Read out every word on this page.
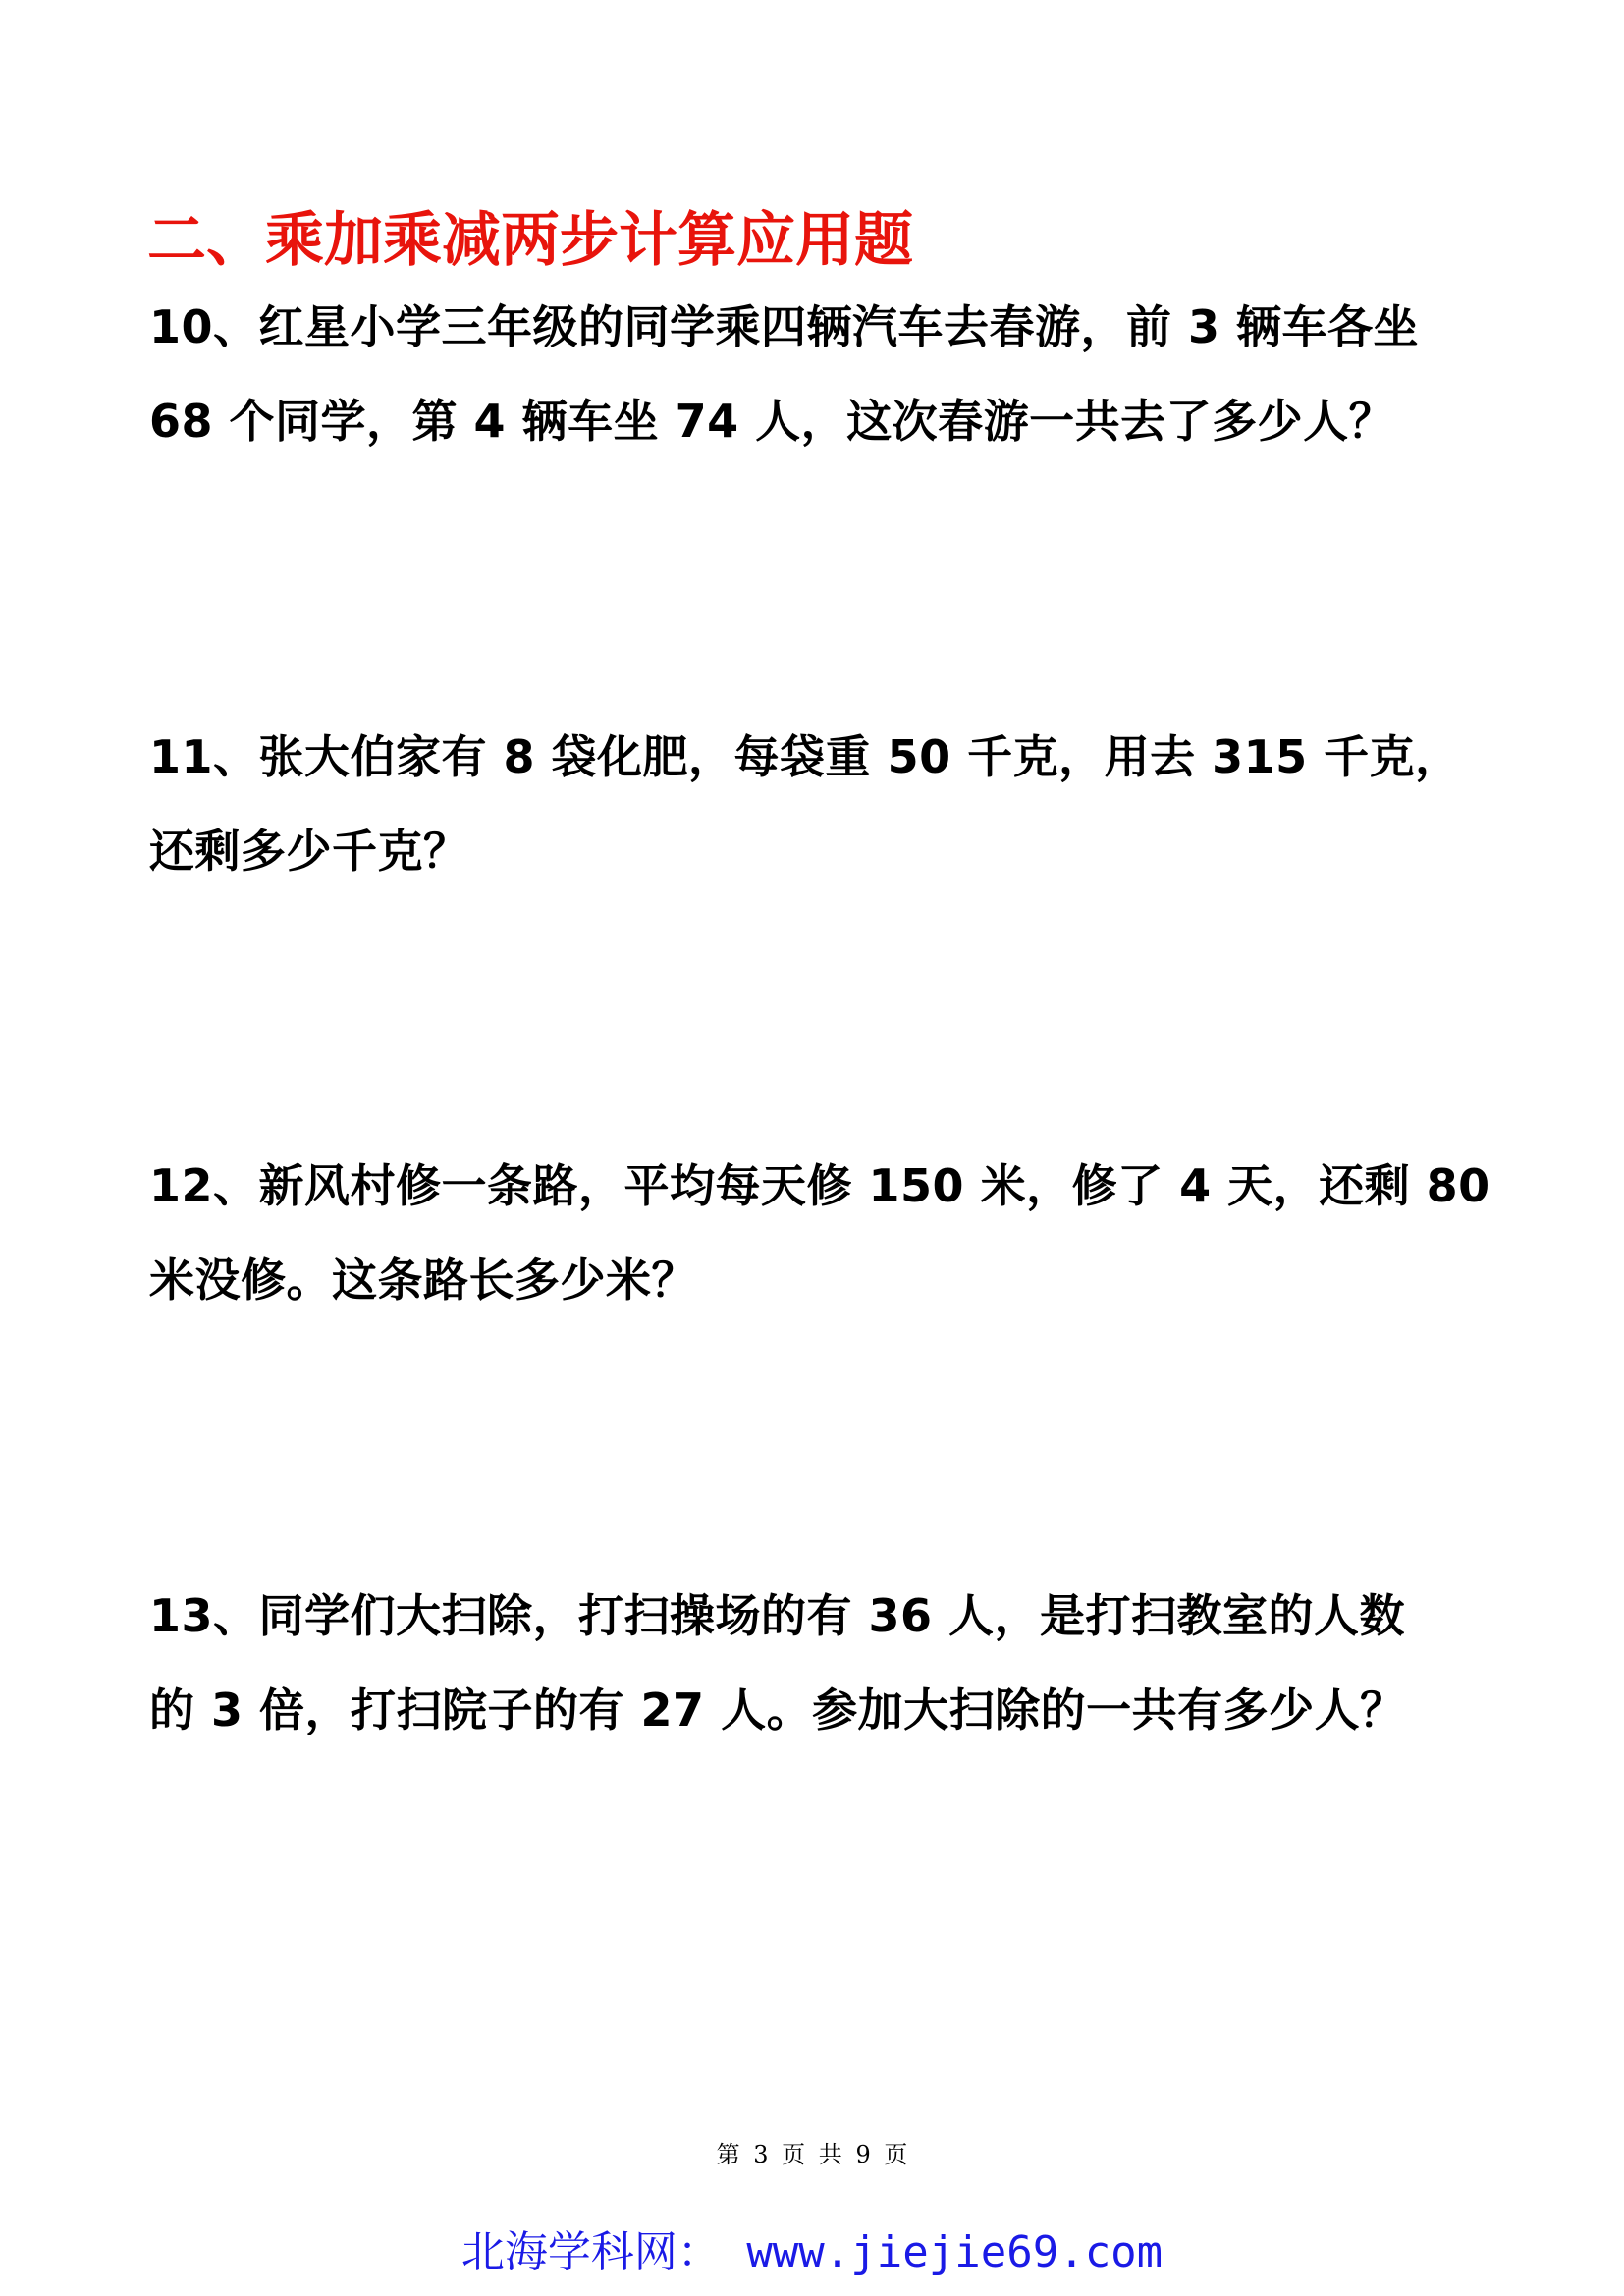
二、乘加乘减两步计算应用题
10、红星小学三年级的同学乘四辆汽车去春游，前 3 辆车各坐
68 个同学，第 4 辆车坐 74 人，这次春游一共去了多少人？
11、张大伯家有 8 袋化肥，每袋重 50 千克，用去 315 千克，
还剩多少千克？
12、新风村修一条路，平均每天修 150 米，修了 4 天，还剩 80
米没修。这条路长多少米？
13、同学们大扫除，打扫操场的有 36 人，是打扫教室的人数
的 3 倍，打扫院子的有 27 人。参加大扫除的一共有多少人？
第 3 页 共 9 页
北海学科网： www.jiejie69.com
